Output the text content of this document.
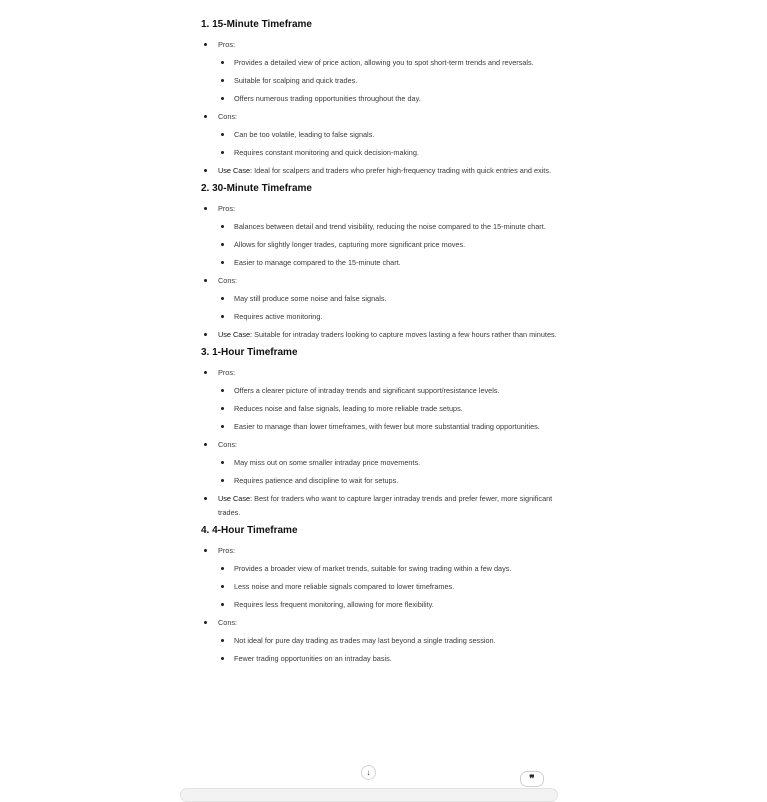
1. 15-Minute Timeframe
Pros:
Provides a detailed view of price action, allowing you to spot short-term trends and reversals.
Suitable for scalping and quick trades.
Offers numerous trading opportunities throughout the day.
Cons:
Can be too volatile, leading to false signals.
Requires constant monitoring and quick decision-making.
Use Case: Ideal for scalpers and traders who prefer high-frequency trading with quick entries and exits.
2. 30-Minute Timeframe
Pros:
Balances between detail and trend visibility, reducing the noise compared to the 15-minute chart.
Allows for slightly longer trades, capturing more significant price moves.
Easier to manage compared to the 15-minute chart.
Cons:
May still produce some noise and false signals.
Requires active monitoring.
Use Case: Suitable for intraday traders looking to capture moves lasting a few hours rather than minutes.
3. 1-Hour Timeframe
Pros:
Offers a clearer picture of intraday trends and significant support/resistance levels.
Reduces noise and false signals, leading to more reliable trade setups.
Easier to manage than lower timeframes, with fewer but more substantial trading opportunities.
Cons:
May miss out on some smaller intraday price movements.
Requires patience and discipline to wait for setups.
Use Case: Best for traders who want to capture larger intraday trends and prefer fewer, more significant trades.
4. 4-Hour Timeframe
Pros:
Provides a broader view of market trends, suitable for swing trading within a few days.
Less noise and more reliable signals compared to lower timeframes.
Requires less frequent monitoring, allowing for more flexibility.
Cons:
Not ideal for pure day trading as trades may last beyond a single trading session.
Fewer trading opportunities on an intraday basis.
↓
❞
